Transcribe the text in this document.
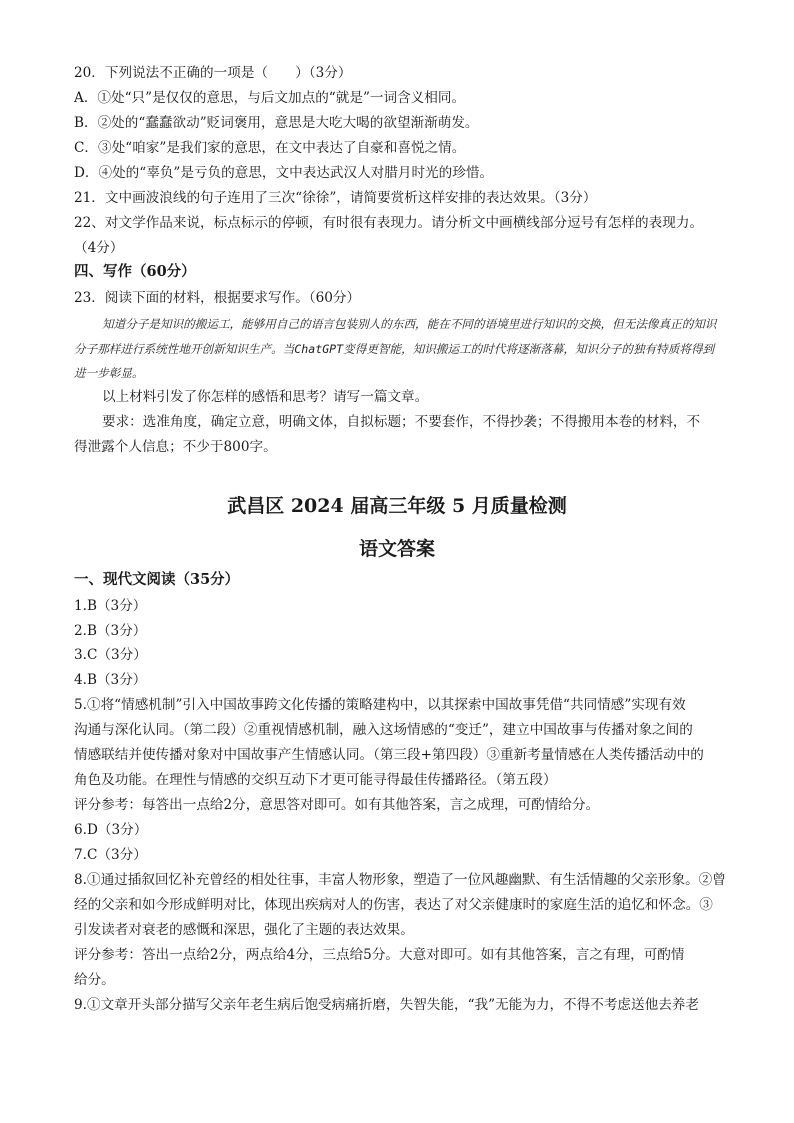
20．下列说法不正确的一项是（　　）（3分）
A．①处“只”是仅仅的意思，与后文加点的“就是”一词含义相同。
B．②处的“蠢蠢欲动”贬词褒用，意思是大吃大喝的欲望渐渐萌发。
C．③处“咱家”是我们家的意思，在文中表达了自豪和喜悦之情。
D．④处的“辜负”是亏负的意思，文中表达武汉人对腊月时光的珍惜。
21．文中画波浪线的句子连用了三次“徐徐”，请简要赏析这样安排的表达效果。（3分）
22、对文学作品来说，标点标示的停顿，有时很有表现力。请分析文中画横线部分逗号有怎样的表现力。
（4分）
四、写作（60分）
23．阅读下面的材料，根据要求写作。（60分）
知道分子是知识的搬运工，能够用自己的语言包装别人的东西，能在不同的语境里进行知识的交换，但无法像真正的知识分子那样进行系统性地开创新知识生产。当ChatGPT变得更智能，知识搬运工的时代将逐渐落幕，知识分子的独有特质将得到进一步彰显。
以上材料引发了你怎样的感悟和思考？请写一篇文章。
要求：选准角度，确定立意，明确文体，自拟标题；不要套作，不得抄袭；不得搬用本卷的材料，不
得泄露个人信息；不少于800字。
武昌区 2024 届高三年级 5 月质量检测
语文答案
一、现代文阅读（35分）
1.B（3分）
2.B（3分）
3.C（3分）
4.B（3分）
5.①将“情感机制”引入中国故事跨文化传播的策略建构中，以其探索中国故事凭借“共同情感”实现有效
沟通与深化认同。（第二段）②重视情感机制，融入这场情感的“变迁”，建立中国故事与传播对象之间的
情感联结并使传播对象对中国故事产生情感认同。（第三段+第四段）③重新考量情感在人类传播活动中的
角色及功能。在理性与情感的交织互动下才更可能寻得最佳传播路径。（第五段）
评分参考：每答出一点给2分，意思答对即可。如有其他答案，言之成理，可酌情给分。
6.D（3分）
7.C（3分）
8.①通过插叙回忆补充曾经的相处往事，丰富人物形象，塑造了一位风趣幽默、有生活情趣的父亲形象。②曾
经的父亲和如今形成鲜明对比，体现出疾病对人的伤害，表达了对父亲健康时的家庭生活的追忆和怀念。③
引发读者对衰老的感慨和深思，强化了主题的表达效果。
评分参考：答出一点给2分，两点给4分，三点给5分。大意对即可。如有其他答案，言之有理，可酌情
给分。
9.①文章开头部分描写父亲年老生病后饱受病痛折磨，失智失能，“我”无能为力，不得不考虑送他去养老
